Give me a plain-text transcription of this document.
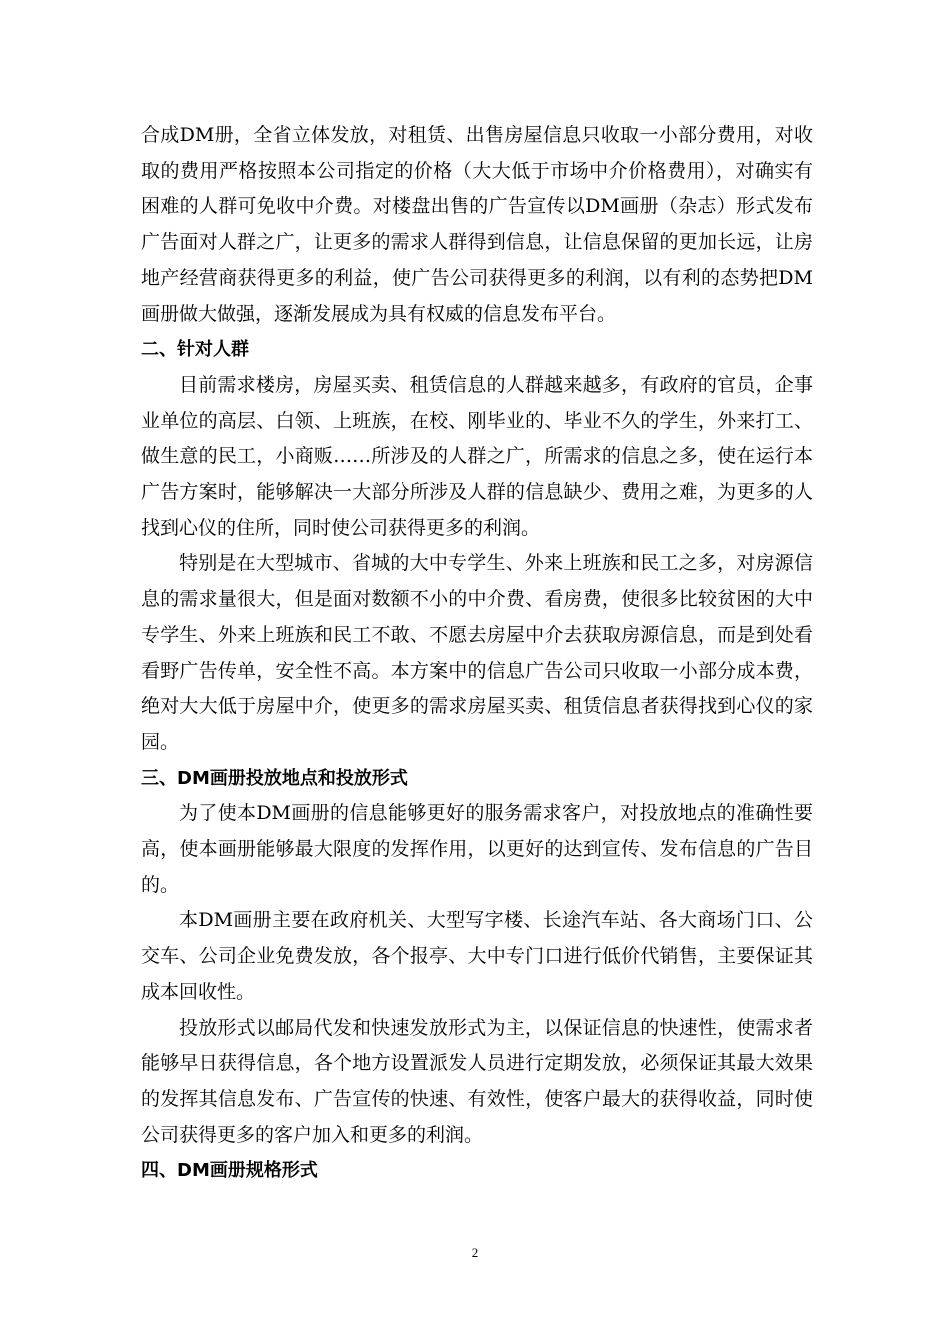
合成DM册，全省立体发放，对租赁、出售房屋信息只收取一小部分费用，对收取的费用严格按照本公司指定的价格（大大低于市场中介价格费用），对确实有困难的人群可免收中介费。对楼盘出售的广告宣传以DM画册（杂志）形式发布广告面对人群之广，让更多的需求人群得到信息，让信息保留的更加长远，让房地产经营商获得更多的利益，使广告公司获得更多的利润，以有利的态势把DM画册做大做强，逐渐发展成为具有权威的信息发布平台。

二、针对人群

目前需求楼房，房屋买卖、租赁信息的人群越来越多，有政府的官员，企事业单位的高层、白领、上班族，在校、刚毕业的、毕业不久的学生，外来打工、做生意的民工，小商贩……所涉及的人群之广，所需求的信息之多，使在运行本广告方案时，能够解决一大部分所涉及人群的信息缺少、费用之难，为更多的人找到心仪的住所，同时使公司获得更多的利润。

特别是在大型城市、省城的大中专学生、外来上班族和民工之多，对房源信息的需求量很大，但是面对数额不小的中介费、看房费，使很多比较贫困的大中专学生、外来上班族和民工不敢、不愿去房屋中介去获取房源信息，而是到处看看野广告传单，安全性不高。本方案中的信息广告公司只收取一小部分成本费，绝对大大低于房屋中介，使更多的需求房屋买卖、租赁信息者获得找到心仪的家园。

三、DM画册投放地点和投放形式

为了使本DM画册的信息能够更好的服务需求客户，对投放地点的准确性要高，使本画册能够最大限度的发挥作用，以更好的达到宣传、发布信息的广告目的。

本DM画册主要在政府机关、大型写字楼、长途汽车站、各大商场门口、公交车、公司企业免费发放，各个报亭、大中专门口进行低价代销售，主要保证其成本回收性。

投放形式以邮局代发和快速发放形式为主，以保证信息的快速性，使需求者能够早日获得信息，各个地方设置派发人员进行定期发放，必须保证其最大效果的发挥其信息发布、广告宣传的快速、有效性，使客户最大的获得收益，同时使公司获得更多的客户加入和更多的利润。

四、DM画册规格形式

2
